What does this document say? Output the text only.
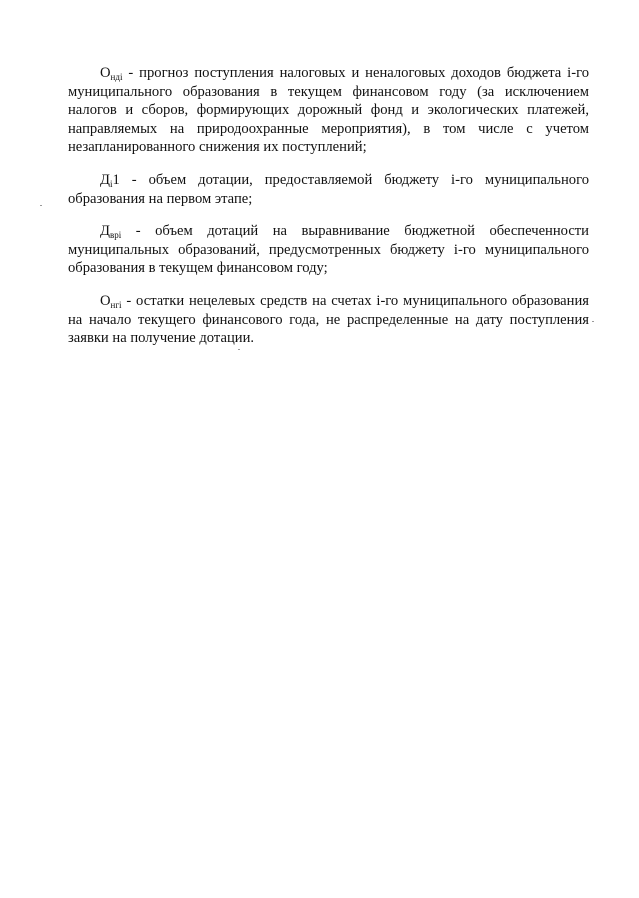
$О_{ндi}$ - прогноз поступления налоговых и неналоговых доходов бюджета i-го муниципального образования в текущем финансовом году (за исключением налогов и сборов, формирующих дорожный фонд и экологических платежей, направляемых на природоохранные мероприятия), в том числе с учетом незапланированного снижения их поступлений;

$Д_i1$ - объем дотации, предоставляемой бюджету i-го муниципального образования на первом этапе;

$Д_{врi}$ - объем дотаций на выравнивание бюджетной обеспеченности муниципальных образований, предусмотренных бюджету i-го муниципального образования в текущем финансовом году;

$О_{нгi}$ - остатки нецелевых средств на счетах i-го муниципального образования на начало текущего финансового года, не распределенные на дату поступления заявки на получение дотации.
